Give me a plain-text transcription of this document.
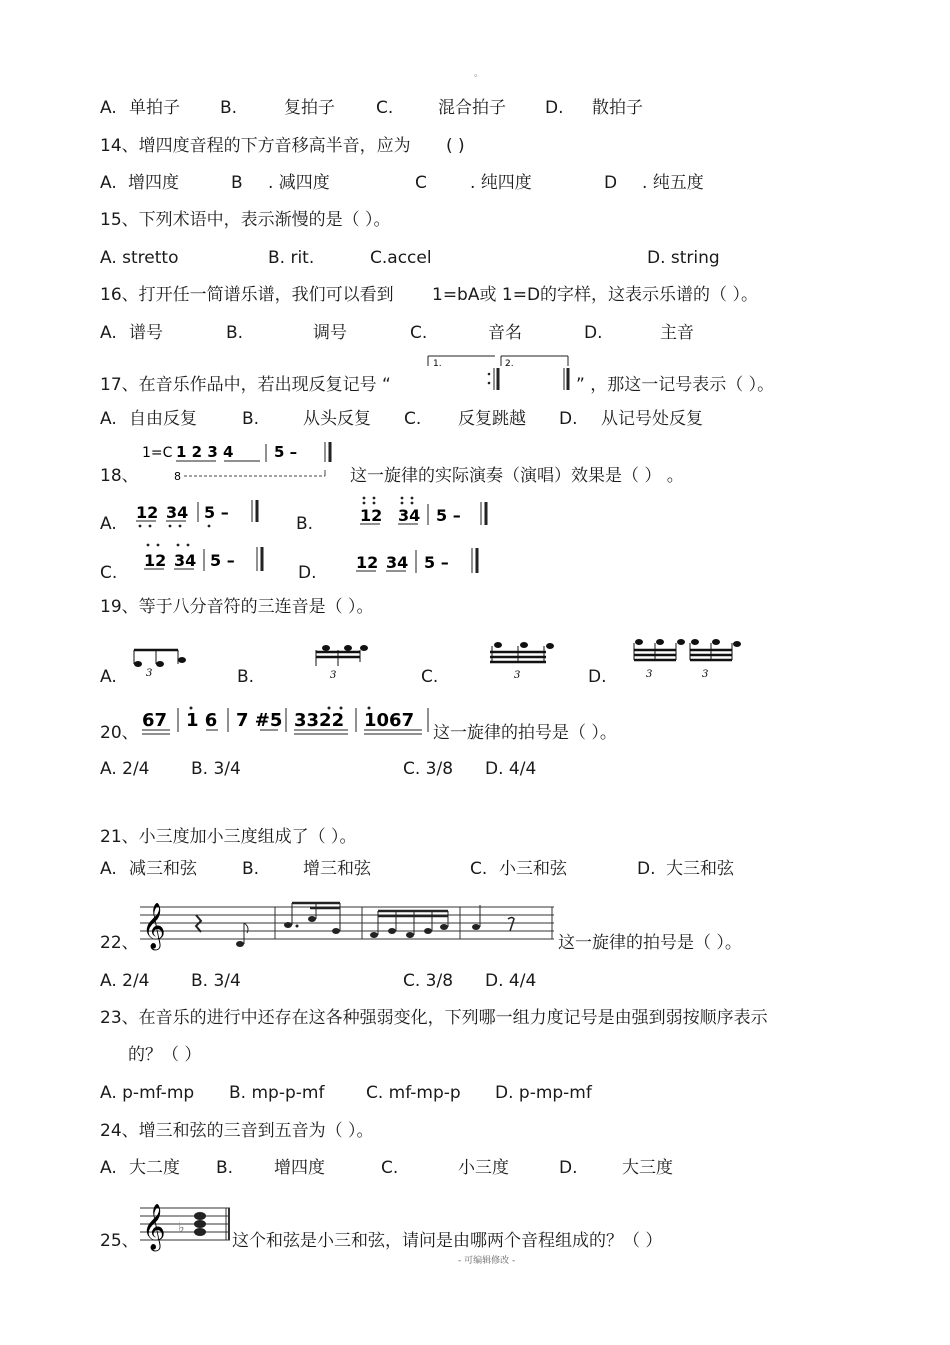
。
A. 单拍子 B.	复拍子 C.	混合拍子 D. 散拍子
14、增四度音程的下方音移高半音，应为 ( )
A. 增四度	B . 减四度	C	. 纯四度	D . 纯五度
15、下列术语中，表示渐慢的是（ ）。
A. stretto	B. rit.	C.accel	D. string
16、打开任一简谱乐谱，我们可以看到 1=bA或 1=D的字样，这表示乐谱的（ ）。
A. 谱号	B.	调号	C.	音名	D.	主音
17、在音乐作品中，若出现反复记号 “
1.	2.
” ，那这一记号表示（ ）。
A. 自由反复	B.	从头反复 C. 反复跳越 D. 从记号处反复
18、
1=C 1 2 3 4	5 –
8	这一旋律的实际演奏（演唱）效果是（ ） 。
A.
12 34 5 –
B.	12 34 5 –
C.
12 34 5 –
D.
12 34 5 –
19、等于八分音符的三连音是（ ）。
A.	3	B.	3	C.	3	D.	3	3
20、
67 1 6 7 #5 3322 1067
这一旋律的拍号是（ ）。
A. 2/4 B. 3/4	C. 3/8 D. 4/4
21、小三度加小三度组成了（ ）。
A. 减三和弦	B.	增三和弦	C. 小三和弦	D. 大三和弦
22、 𝄞	这一旋律的拍号是（ ）。
A. 2/4 B. 3/4	C. 3/8 D. 4/4
23、在音乐的进行中还存在这各种强弱变化，下列哪一组力度记号是由强到弱按顺序表示
的？（ ）
A. p-mf-mp B. mp-p-mf C. mf-mp-p D. p-mp-mf
24、增三和弦的三音到五音为（ ）。
A. 大二度 B. 增四度	C.	小三度	D.	大三度
25、 𝄞 ♭
这个和弦是小三和弦，请问是由哪两个音程组成的？（ ）
- 可编辑修改 -
